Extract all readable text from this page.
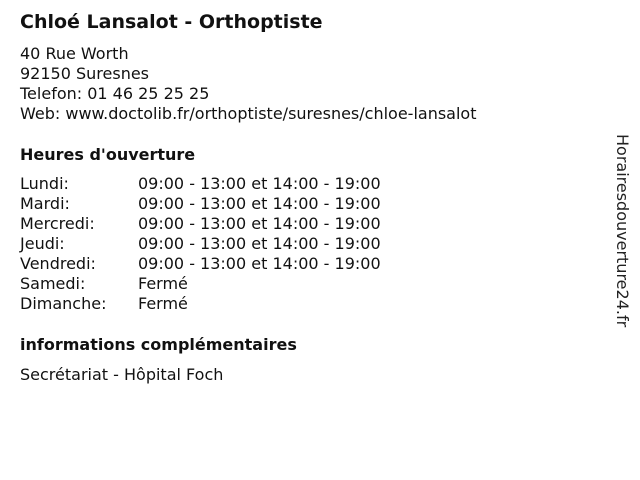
Chloé Lansalot - Orthoptiste
40 Rue Worth
92150 Suresnes
Telefon: 01 46 25 25 25
Web: www.doctolib.fr/orthoptiste/suresnes/chloe-lansalot
Heures d'ouverture
Lundi:	09:00 - 13:00 et 14:00 - 19:00
Mardi:	09:00 - 13:00 et 14:00 - 19:00
Mercredi:	09:00 - 13:00 et 14:00 - 19:00
Jeudi:	09:00 - 13:00 et 14:00 - 19:00
Vendredi:	09:00 - 13:00 et 14:00 - 19:00
Samedi:	Fermé
Dimanche:	Fermé
informations complémentaires
Secrétariat - Hôpital Foch
Horairesdouverture24.fr
